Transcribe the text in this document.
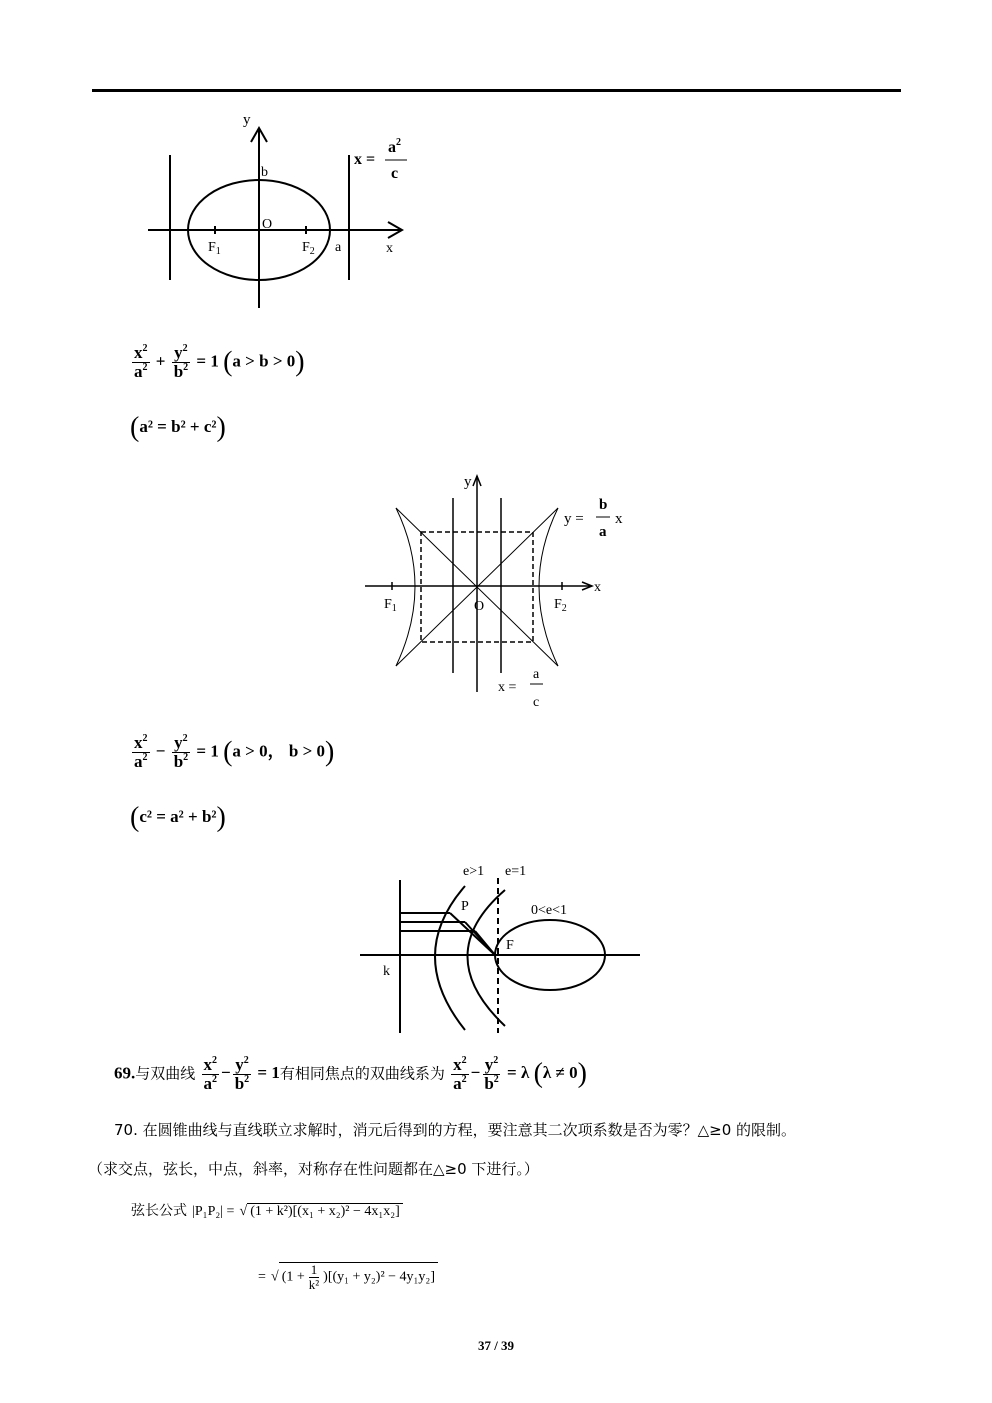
y
b
O
$F_1$	$F_2$ a	x
x =
$a^2$
c
$\frac{x^2}{a^2} + \frac{y^2}{b^2} = 1$ (a > b > 0)
(a² = b² + c²)
y
x
O
$F_1$	$F_2$
y =
b
a
x
x =
a
c
$\frac{x^2}{a^2} - \frac{y^2}{b^2} = 1$ (a > 0， b > 0)
(c² = a² + b²)
e>1 e=1
0<e<1
P
F
k
69.与双曲线 $\frac{x^2}{a^2} - \frac{y^2}{b^2} = 1$有相同焦点的双曲线系为 $\frac{x^2}{a^2} - \frac{y^2}{b^2} = \lambda$ (λ ≠ 0)
70. 在圆锥曲线与直线联立求解时，消元后得到的方程，要注意其二次项系数是否为零？△≥0 的限制。
（求交点，弦长，中点，斜率，对称存在性问题都在△≥0 下进行。）
弦长公式 |P₁P₂| = √ (1 + k²)[(x₁ + x₂)² − 4x₁x₂]
= √ $(1 + \frac{1}{\text{k²}} )[(y_1 + y_2)^2 - 4y_1y_2]$
37 / 39
